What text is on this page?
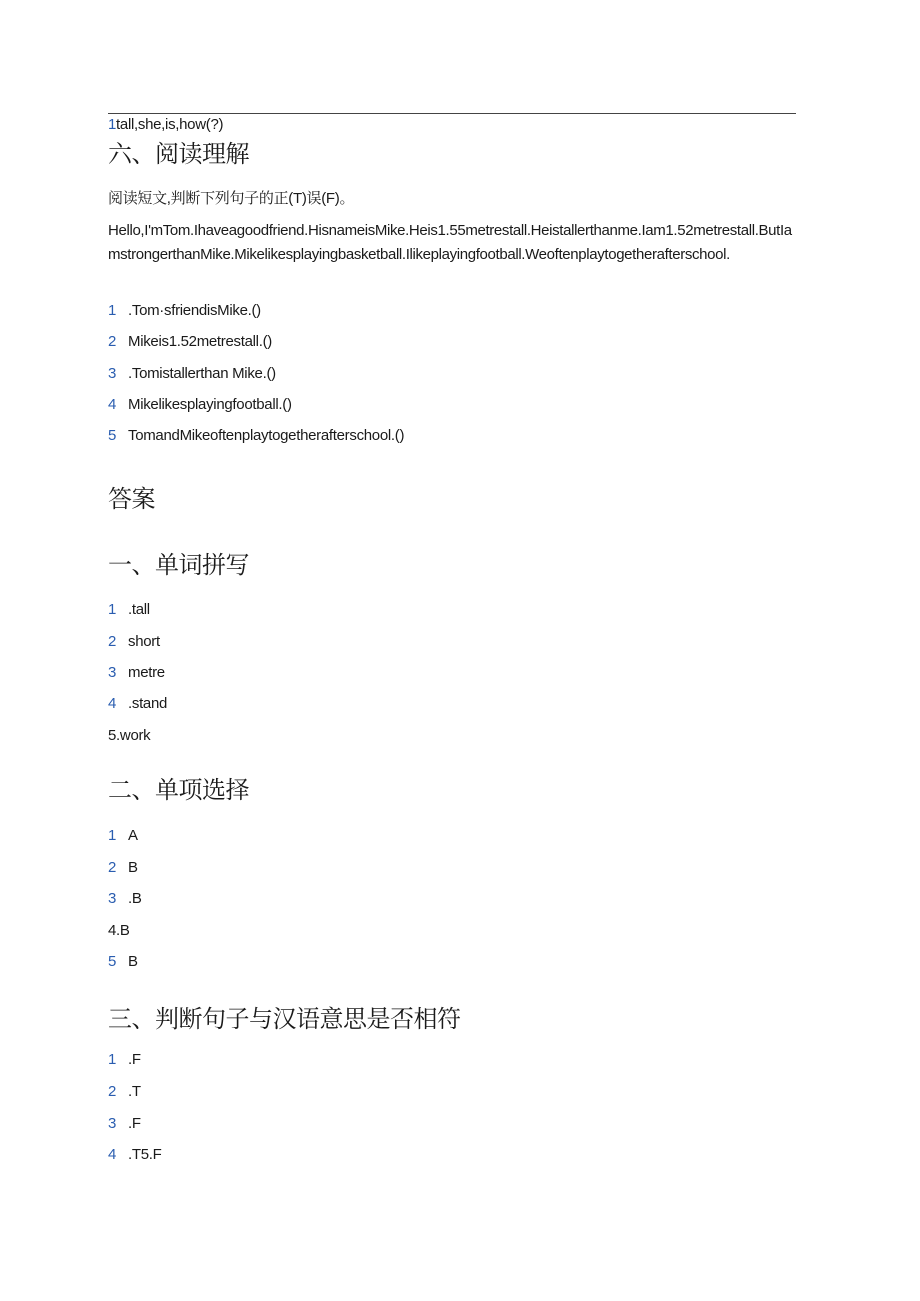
1tall,she,is,how(?)
六、阅读理解
阅读短文,判断下列句子的正(T)误(F)。
Hello,I'mTom.Ihaveagoodfriend.HisnameisMike.Heis1.55metrestall.Heistallerthanme.Iam1.52metrestall.ButIamstrongerthanMike.Mikelikesplayingbasketball.Ilikeplayingfootball.Weoftenplaytogetherafterschool.
1 .Tom·sfriendisMike.()
2 Mikeis1.52metrestall.()
3 .Tomistallerthan Mike.()
4 Mikelikesplayingfootball.()
5 TomandMikeoftenplaytogetherafterschool.()
答案
一、单词拼写
1 .tall
2 short
3 metre
4 .stand
5.work
二、单项选择
1 A
2 B
3 .B
4.B
5 B
三、判断句子与汉语意思是否相符
1 .F
2 .T
3 .F
4 .T5.F
